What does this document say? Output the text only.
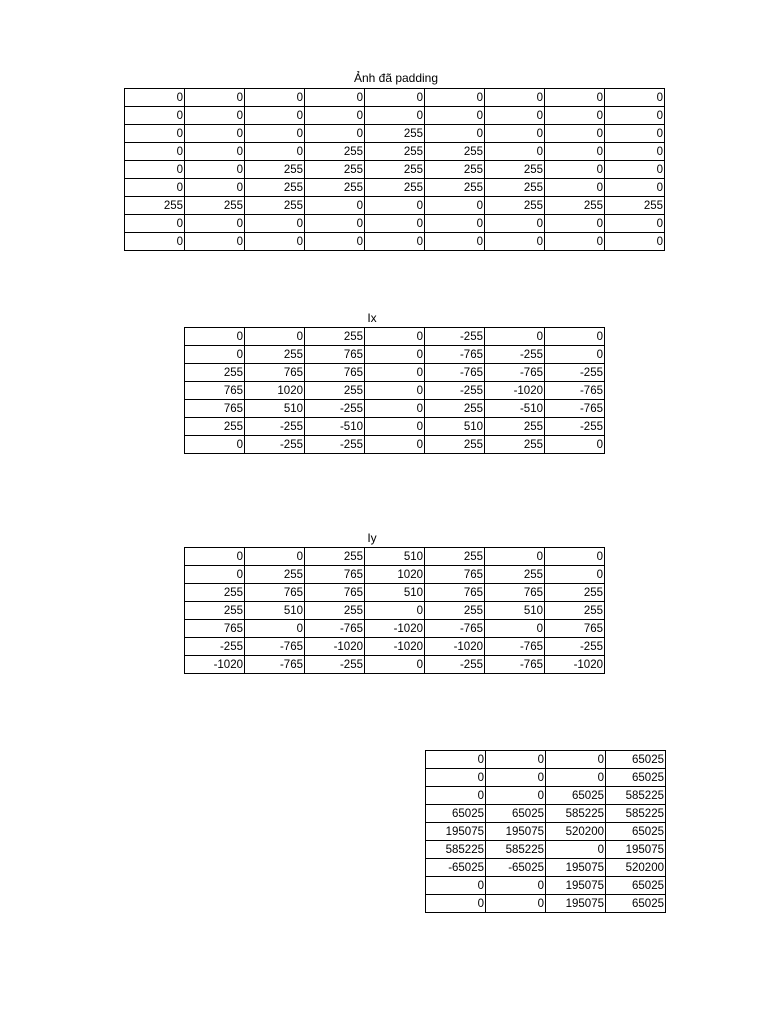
Ảnh đã padding
0	0	0	0	0	0	0	0	0
0	0	0	0	0	0	0	0	0
0	0	0	0	255	0	0	0	0
0	0	0	255	255	255	0	0	0
0	0	255	255	255	255	255	0	0
0	0	255	255	255	255	255	0	0
255	255	255	0	0	0	255	255	255
0	0	0	0	0	0	0	0	0
0	0	0	0	0	0	0	0	0
Ix
0	0	255	0	-255	0	0
0	255	765	0	-765	-255	0
255	765	765	0	-765	-765	-255
765	1020	255	0	-255	-1020	-765
765	510	-255	0	255	-510	-765
255	-255	-510	0	510	255	-255
0	-255	-255	0	255	255	0
Iy
0	0	255	510	255	0	0
0	255	765	1020	765	255	0
255	765	765	510	765	765	255
255	510	255	0	255	510	255
765	0	-765	-1020	-765	0	765
-255	-765	-1020	-1020	-1020	-765	-255
-1020	-765	-255	0	-255	-765	-1020
0	0	0	65025
0	0	0	65025
0	0	65025	585225
65025	65025	585225	585225
195075	195075	520200	65025
585225	585225	0	195075
-65025	-65025	195075	520200
0	0	195075	65025
0	0	195075	65025
